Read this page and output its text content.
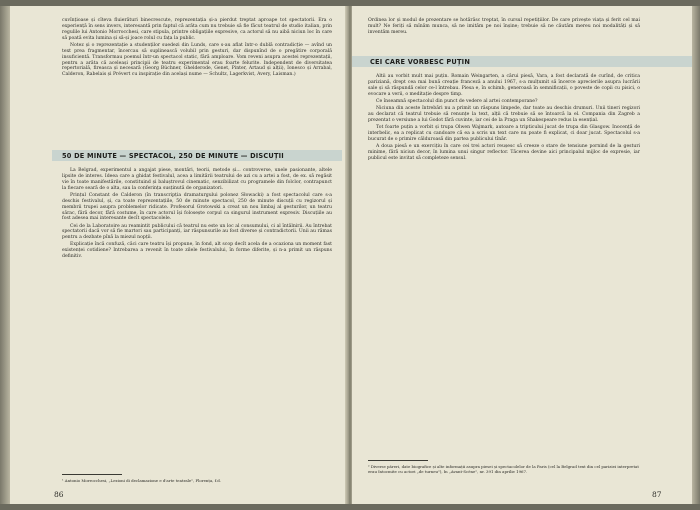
cuvînțioase și cîteva fluierături binecrescute, reprezentația și-a pierdut treptat aproape tot spectatorii. Era o experiență în sens invers, interesantă prin faptul că arăta cum nu trebuie să fie făcut teatrul de studio italian, prin regulile lui Antonio Morrocchesi, care stipula, printre obligațiile expresive, ca actorul să nu aibă niciun loc în care să poată evita lumina și să-și joace rolul cu fața la public.

Notez și o reprezentație a studenților suedezi din Lunds, care s-au aflat într-o dublă contradicție — avînd un text prea fragmentar, încercau să suplinească volubil prin gesturi, dar dispunînd de o pregătire corporală insuficientă. Transformau poemul într-un spectacol static, fără amploare. Vom reveni asupra acestei reprezentații, pentru a arăta că aceleași principii de teatru experimental erau foarte felurite. Independent de diversitatea repertorială, fireasca și necesară (Georg Büchner, Ghelderode, Genet, Pinter, Artaud și alții), Ionesco și Arrabal, Calderon, Rabelais și Prévert cu inspirație din același nume — Schultz, Lagerkvist, Avery, Laisman.)

50 DE MINUTE — SPECTACOL, 250 DE MINUTE — DISCUȚII

La Belgrad, experimentul a angajat piese, montări, teorii, metode și... controverse, unele pasionante, altele lipsite de interes. Ideea care a ghidat festivalul, acea a limitării teatrului de azi cu a artei a fost, de ex. să regăsit vie în toate manifestările, constituind și baluștrovul cinematic, senzibilizat cu programele din folclor, contrapunct la fiecare seară de o alta, sau la conferința susținută de organizatori.

Prințul Constant de Calderon (în transcripția dramaturgului polonez Słowacki) a fost spectacolul care s-a deschis festivalul, și, ca toate reprezentațiile, 50 de minute spectacol, 250 de minute discuții cu regizorul și membrii trupei asupra problemelor ridicate. Profesorul Grotowski a creat un nou limbaj al gesturilor, un teatru sărac, fără decor, fără costume, în care actorul își folosește corpul ca singurul instrument expresiv. Discuțiile au fost adesea mai interesante decît spectacolele.

Cei de la Laboratoire au reamintit publicului că teatrul nu este un loc al consumului, ci al întâlnirii. Au întrebat spectatorii dacă vor să fie martori sau participanți, iar răspunsurile au fost diverse și contradictorii. Unii au rămas pentru a dezbate pînă la miezul nopții.

Explicație încă confuză, căci care teatru își propune, în fond, alt scop decît acela de a ocaziona un moment fast existenței cotidiene? Intrebarea a revenit în toate zilele festivalului, în forme diferite, și n-a primit un răspuns definitiv.

¹ Antonio Morrocchesi, „Lezioni di declamazione e d'arte teatrale", Florența, f.d.
86

Ordinea lor și modul de prezentare se hotărăsc treptat, în cursul repetițiilor. De care privește viața și ferit cel mai mult? Ne feriți să mînăm munca, să ne imităm pe noi înșine; trebuie să ne căutăm mereu noi modalități și să inventăm mereu.

CEI CARE VORBESC PUȚIN

Altii au vorbit mult mai puțin. Romain Weingarten, a cărui piesă, Vara, a fost declarată de curînd, de critica pariziană, drept cea mai bună creație franceză a anului 1967, s-a mulțumit să încerce aprecierile asupra lucrării sale și să răspundă celor ce-l întrebau. Piesa e, în schimb, generoasă în semnificații, o poveste de copii cu pisici, o evocare a verii, o meditație despre timp.

Ce înseamnă spectacolul din punct de vedere al artei contemporane?

Niciuna din aceste întrebări nu a primit un răspuns limpede, dar toate au deschis drumuri. Unii tineri regizori au declarat că teatrul trebuie să renunțe la text, alții că trebuie să se întoarcă la el. Compania din Zagreb a prezentat o versiune a lui Godot fără cuvinte, iar cei de la Praga un Shakespeare redus la esențial.

Tot foarte puțin a vorbit și trupa Olwen Wajmark, autoare a tripticului jucat de trupa din Glasgow. Inocență de interbelic, ea a replicat cu candoare că ea a scris un text care nu poate fi explicat, ci doar jucat. Spectacolul s-a bucurat de o primire călduroasă din partea publicului tînăr.

A doua piesă e un exercițiu în care cei trei actori reușesc să creeze o stare de tensiune pornind de la gesturi minime, fără niciun decor, în lumina unui singur reflector. Tăcerea devine aici principalul mijloc de expresie, iar publicul este invitat să completeze sensul.

² Diverse păreri, date biografice și alte informații asupra piesei și spectacolelor de la Paris (cel la Belgrad text din cel pariziei interpretat erau întocmite cu actori „de turneu"), în „Avant-Scène", nr. 391 din aprilie 1967.
87
